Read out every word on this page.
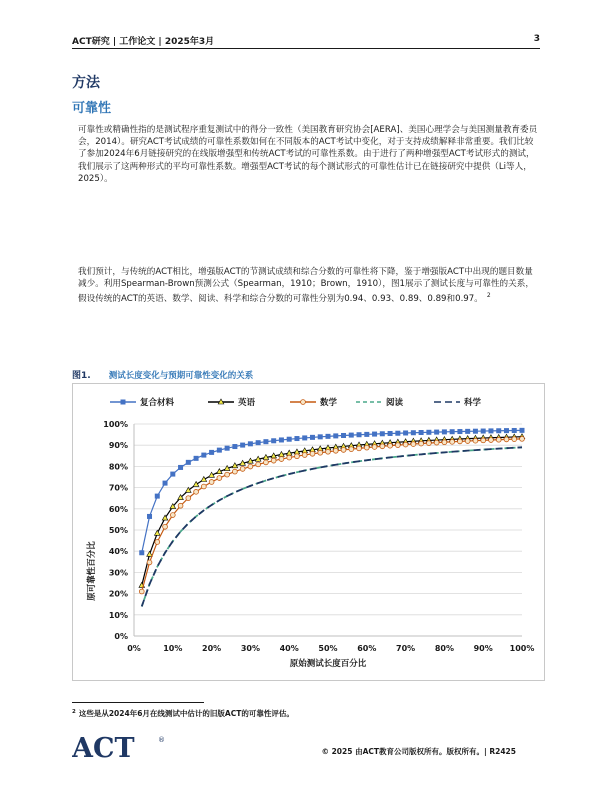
ACT研究 | 工作论文 | 2025年3月	3
方法
可靠性

可靠性或精确性指的是测试程序重复测试中的得分一致性（美国教育研究协会[AERA]、美国心理学会与美国测量教育委员会，2014）。研究ACT考试成绩的可靠性系数如何在不同版本的ACT考试中变化，对于支持成绩解释非常重要。我们比较了参加2024年6月链接研究的在线版增强型和传统ACT考试的可靠性系数。由于进行了两种增强型ACT考试形式的测试，我们展示了这两种形式的平均可靠性系数。增强型ACT考试的每个测试形式的可靠性估计已在链接研究中提供（Li等人，2025）。

我们预计，与传统的ACT相比，增强版ACT的节测试成绩和综合分数的可靠性将下降，鉴于增强版ACT中出现的题目数量减少。利用Spearman-Brown预测公式（Spearman，1910；Brown，1910），图1展示了测试长度与可靠性的关系，假设传统的ACT的英语、数学、阅读、科学和综合分数的可靠性分别为0.94、0.93、0.89、0.89和0.97。 $^2$

图1. 测试长度变化与预期可靠性变化的关系
复合材料	英语	数学	阅读	科学
0%
10%
20%
30%
40%
50%
60%
70%
80%
90%
100%
0%	10% 20% 30% 40% 50% 60% 70% 80% 90% 100%
原可靠性百分比
原始测试长度百分比
$^2$ 这些是从2024年6月在线测试中估计的旧版ACT的可靠性评估。
ACT	®
© 2025 由ACT教育公司版权所有。版权所有。| R2425
